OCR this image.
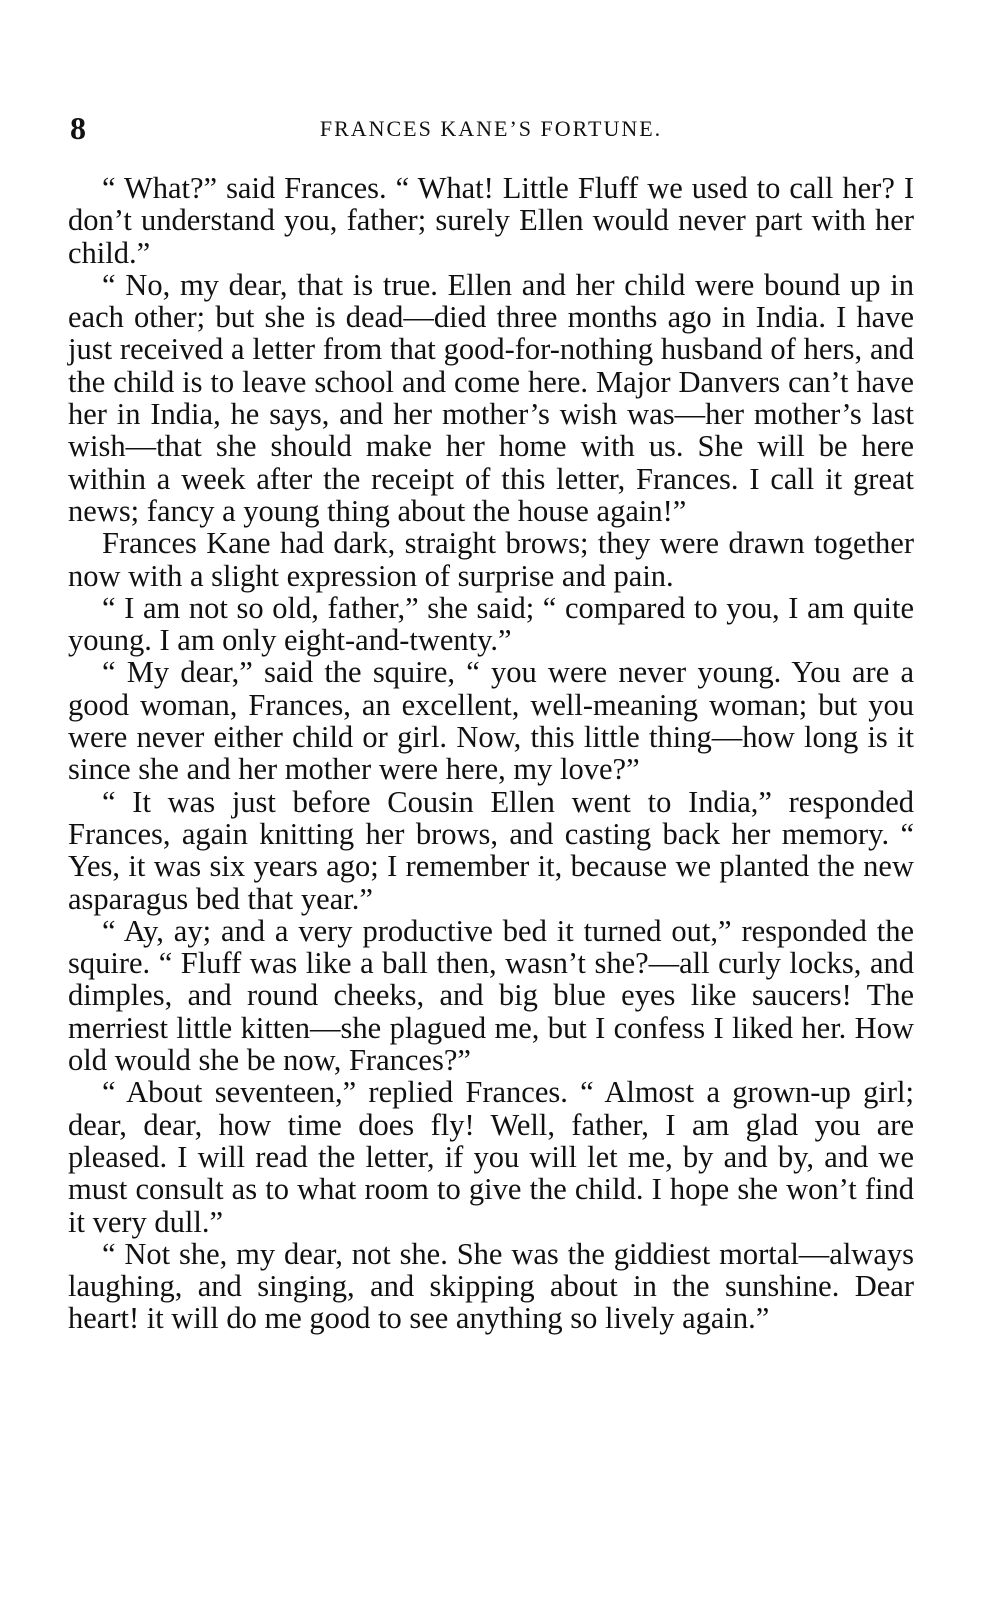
8	FRANCES KANE’S FORTUNE.

“ What?” said Frances. “ What! Little Fluff we used to call her? I don’t understand you, father; surely Ellen would never part with her child.”

“ No, my dear, that is true. Ellen and her child were bound up in each other; but she is dead—died three months ago in India. I have just received a letter from that good-for-nothing husband of hers, and the child is to leave school and come here. Major Danvers can’t have her in India, he says, and her mother’s wish was—her mother’s last wish—that she should make her home with us. She will be here within a week after the receipt of this letter, Frances. I call it great news; fancy a young thing about the house again!”

Frances Kane had dark, straight brows; they were drawn together now with a slight expression of surprise and pain.

“ I am not so old, father,” she said; “ compared to you, I am quite young. I am only eight-and-twenty.”

“ My dear,” said the squire, “ you were never young. You are a good woman, Frances, an excellent, well-meaning woman; but you were never either child or girl. Now, this little thing—how long is it since she and her mother were here, my love?”

“ It was just before Cousin Ellen went to India,” responded Frances, again knitting her brows, and casting back her memory. “ Yes, it was six years ago; I remember it, because we planted the new asparagus bed that year.”

“ Ay, ay; and a very productive bed it turned out,” responded the squire. “ Fluff was like a ball then, wasn’t she?—all curly locks, and dimples, and round cheeks, and big blue eyes like saucers! The merriest little kitten—she plagued me, but I confess I liked her. How old would she be now, Frances?”

“ About seventeen,” replied Frances. “ Almost a grown-up girl; dear, dear, how time does fly! Well, father, I am glad you are pleased. I will read the letter, if you will let me, by and by, and we must consult as to what room to give the child. I hope she won’t find it very dull.”

“ Not she, my dear, not she. She was the giddiest mortal—always laughing, and singing, and skipping about in the sunshine. Dear heart! it will do me good to see anything so lively again.”
